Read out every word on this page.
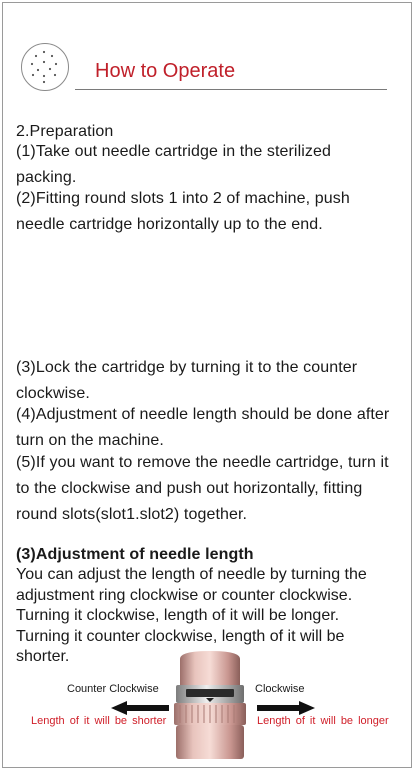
How to Operate
2.Preparation
(1)Take out needle cartridge in the sterilized
packing.
(2)Fitting round slots 1 into 2 of machine, push
needle cartridge horizontally up to the end.
(3)Lock the cartridge by turning it to the counter
clockwise.
(4)Adjustment of needle length should be done after
turn on the machine.
(5)If you want to remove the needle cartridge, turn it
to the clockwise and push out horizontally, fitting
round slots(slot1.slot2) together.
(3)Adjustment of needle length
You can adjust the length of needle by turning the adjustment ring clockwise or counter clockwise. Turning it clockwise, length of it will be longer. Turning it counter clockwise, length of it will be shorter.
Counter Clockwise	Clockwise
Length of it will be shorter	Length of it will be longer
